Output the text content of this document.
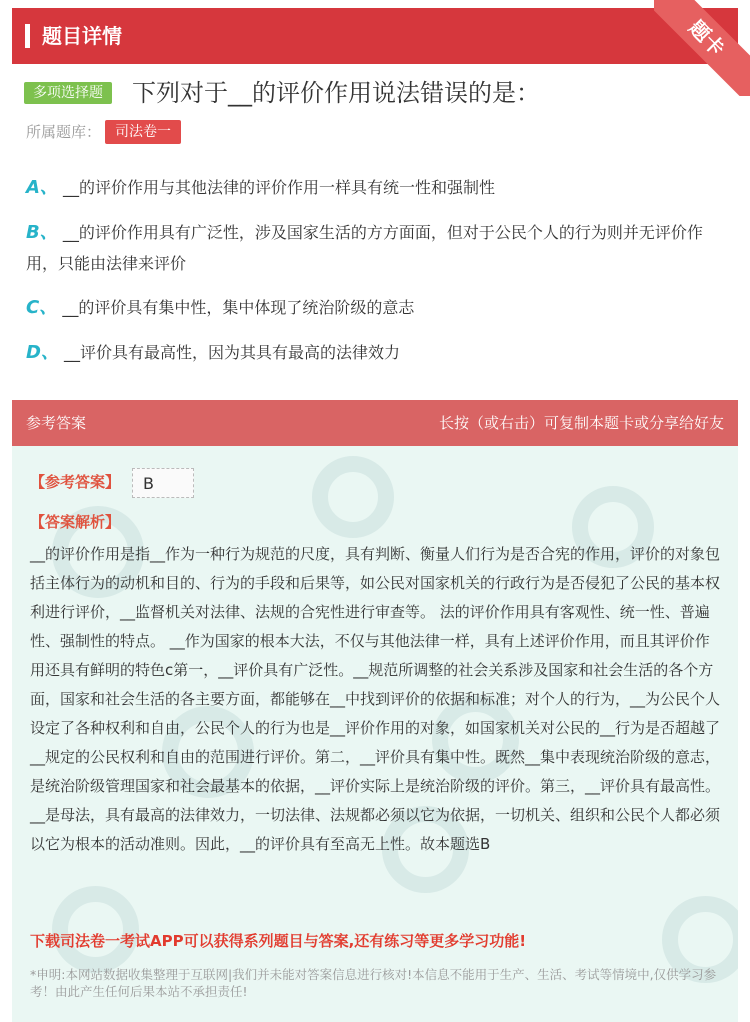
题目详情	题卡
多项选择题	下列对于__的评价作用说法错误的是：
所属题库： 司法卷一
A、 __的评价作用与其他法律的评价作用一样具有统一性和强制性
B、 __的评价作用具有广泛性，涉及国家生活的方方面面，但对于公民个人的行为则并无评价作用，只能由法律来评价
C、 __的评价具有集中性，集中体现了统治阶级的意志
D、 __评价具有最高性，因为其具有最高的法律效力
参考答案	长按（或右击）可复制本题卡或分享给好友
【参考答案】	B
【答案解析】
__的评价作用是指__作为一种行为规范的尺度，具有判断、衡量人们行为是否合宪的作用，评价的对象包括主体行为的动机和目的、行为的手段和后果等，如公民对国家机关的行政行为是否侵犯了公民的基本权利进行评价，__监督机关对法律、法规的合宪性进行审查等。 法的评价作用具有客观性、统一性、普遍性、强制性的特点。 __作为国家的根本大法，不仅与其他法律一样，具有上述评价作用，而且其评价作用还具有鲜明的特色c第一，__评价具有广泛性。__规范所调整的社会关系涉及国家和社会生活的各个方面，国家和社会生活的各主要方面，都能够在__中找到评价的依据和标准；对个人的行为，__为公民个人设定了各种权利和自由，公民个人的行为也是__评价作用的对象，如国家机关对公民的__行为是否超越了__规定的公民权利和自由的范围进行评价。第二，__评价具有集中性。既然__集中表现统治阶级的意志，是统治阶级管理国家和社会最基本的依据，__评价实际上是统治阶级的评价。第三，__评价具有最高性。__是母法，具有最高的法律效力，一切法律、法规都必须以它为依据，一切机关、组织和公民个人都必须以它为根本的活动准则。因此，__的评价具有至高无上性。故本题选B
下载司法卷一考试APP可以获得系列题目与答案,还有练习等更多学习功能!
*申明:本网站数据收集整理于互联网|我们并未能对答案信息进行核对!本信息不能用于生产、生活、考试等情境中,仅供学习参考！由此产生任何后果本站不承担责任!
